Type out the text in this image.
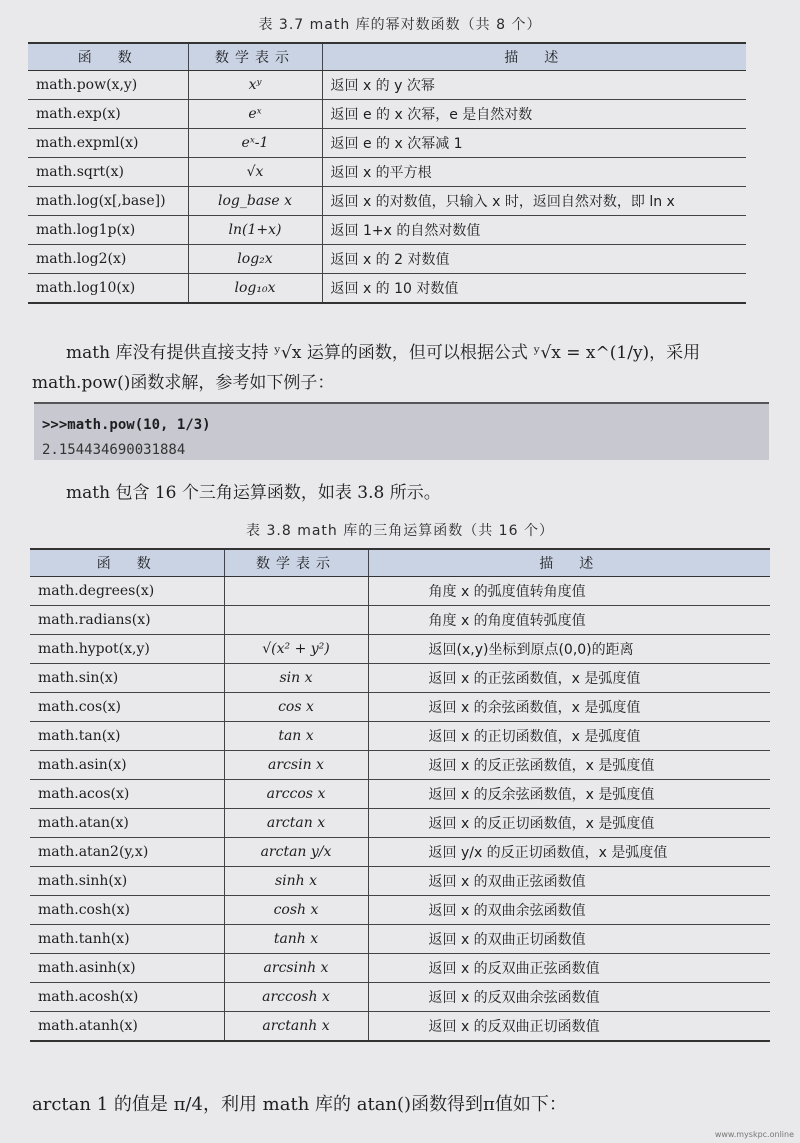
表 3.7 math 库的幂对数函数（共 8 个）
函　数	数学表示	描　述
math.pow(x,y)	xʸ	返回 x 的 y 次幂
math.exp(x)	eˣ	返回 e 的 x 次幂，e 是自然对数
math.expml(x)	eˣ-1	返回 e 的 x 次幂减 1
math.sqrt(x)	√x	返回 x 的平方根
math.log(x[,base])	log_base x	返回 x 的对数值，只输入 x 时，返回自然对数，即 ln x
math.log1p(x)	ln(1+x)	返回 1+x 的自然对数值
math.log2(x)	log₂x	返回 x 的 2 对数值
math.log10(x)	log₁₀x	返回 x 的 10 对数值
math 库没有提供直接支持 ʸ√x 运算的函数，但可以根据公式 ʸ√x = x^(1/y)，采用
math.pow()函数求解，参考如下例子：
>>>math.pow(10, 1/3)
2.154434690031884
math 包含 16 个三角运算函数，如表 3.8 所示。
表 3.8 math 库的三角运算函数（共 16 个）
函　数	数学表示	描　述
math.degrees(x)		角度 x 的弧度值转角度值
math.radians(x)		角度 x 的角度值转弧度值
math.hypot(x,y)	√(x² + y²)	返回(x,y)坐标到原点(0,0)的距离
math.sin(x)	sin x	返回 x 的正弦函数值，x 是弧度值
math.cos(x)	cos x	返回 x 的余弦函数值，x 是弧度值
math.tan(x)	tan x	返回 x 的正切函数值，x 是弧度值
math.asin(x)	arcsin x	返回 x 的反正弦函数值，x 是弧度值
math.acos(x)	arccos x	返回 x 的反余弦函数值，x 是弧度值
math.atan(x)	arctan x	返回 x 的反正切函数值，x 是弧度值
math.atan2(y,x)	arctan y/x	返回 y/x 的反正切函数值，x 是弧度值
math.sinh(x)	sinh x	返回 x 的双曲正弦函数值
math.cosh(x)	cosh x	返回 x 的双曲余弦函数值
math.tanh(x)	tanh x	返回 x 的双曲正切函数值
math.asinh(x)	arcsinh x	返回 x 的反双曲正弦函数值
math.acosh(x)	arccosh x	返回 x 的反双曲余弦函数值
math.atanh(x)	arctanh x	返回 x 的反双曲正切函数值
arctan 1 的值是 π/4，利用 math 库的 atan()函数得到π值如下：
www.myskpc.online
